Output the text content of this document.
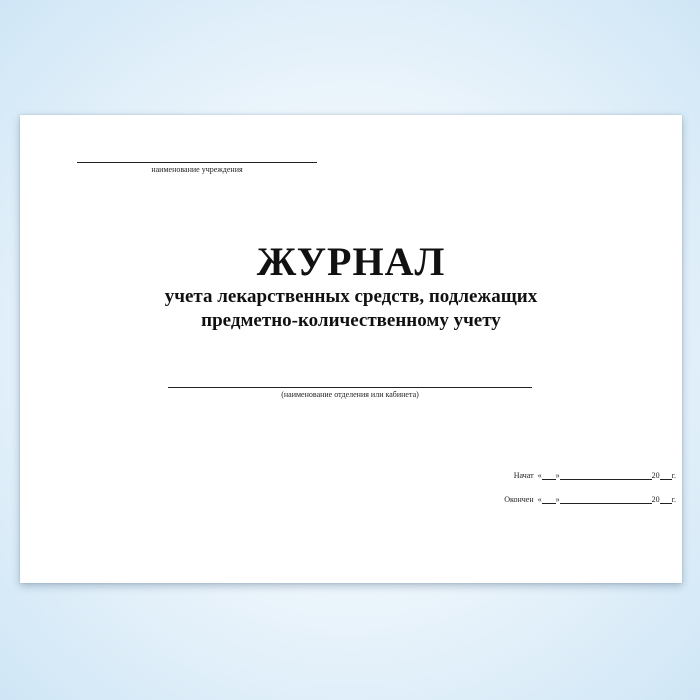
наименование учреждения
ЖУРНАЛ
учета лекарственных средств, подлежащих
предметно-количественному учету
(наименование отделения или кабинета)
Начат « »	20 г.
Окончен « »	20 г.
